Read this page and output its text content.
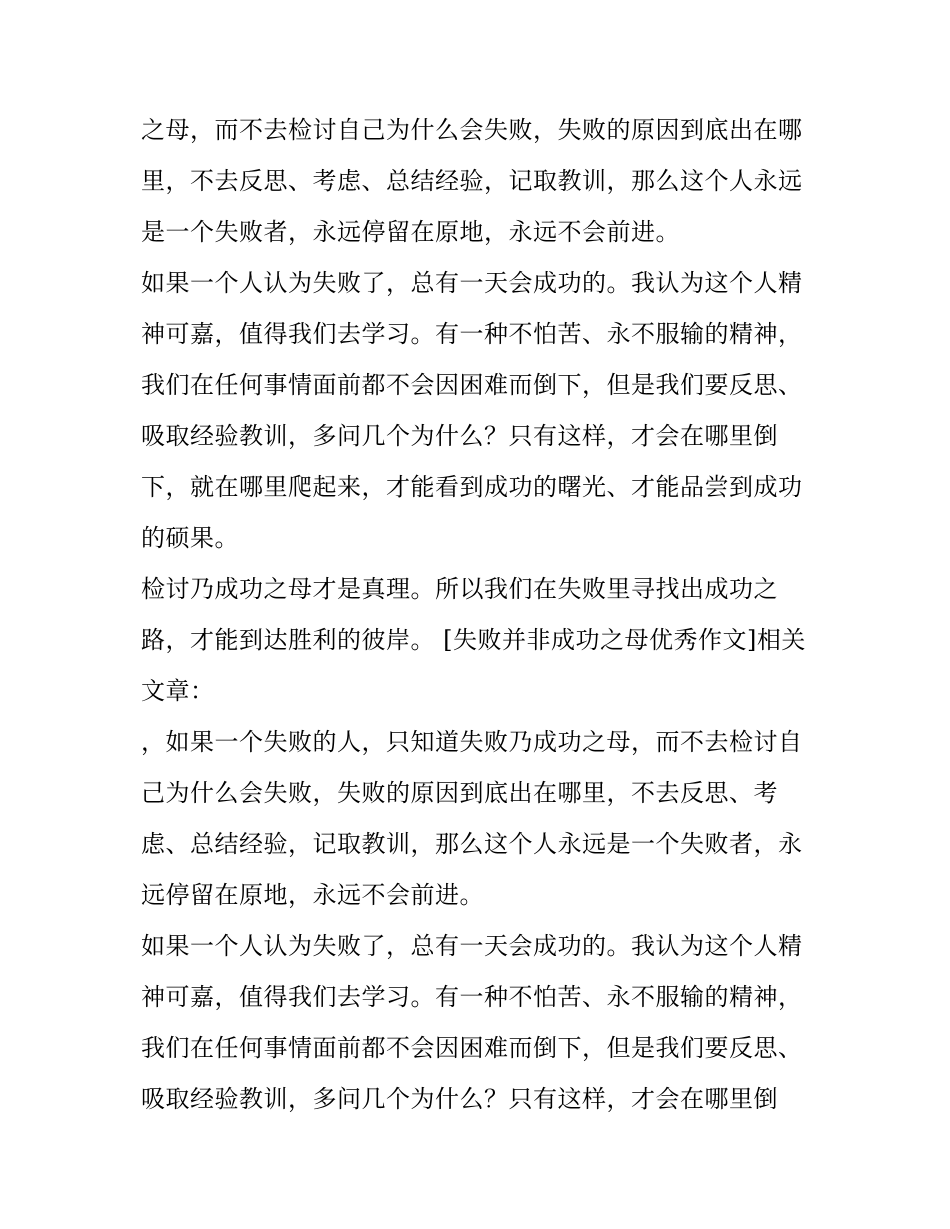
之母，而不去检讨自己为什么会失败，失败的原因到底出在哪
里，不去反思、考虑、总结经验，记取教训，那么这个人永远
是一个失败者，永远停留在原地，永远不会前进。
如果一个人认为失败了，总有一天会成功的。我认为这个人精
神可嘉，值得我们去学习。有一种不怕苦、永不服输的精神，
我们在任何事情面前都不会因困难而倒下，但是我们要反思、
吸取经验教训，多问几个为什么？只有这样，才会在哪里倒
下，就在哪里爬起来，才能看到成功的曙光、才能品尝到成功
的硕果。
检讨乃成功之母才是真理。所以我们在失败里寻找出成功之
路，才能到达胜利的彼岸。 [失败并非成功之母优秀作文]相关
文章：
，如果一个失败的人，只知道失败乃成功之母，而不去检讨自
己为什么会失败，失败的原因到底出在哪里，不去反思、考
虑、总结经验，记取教训，那么这个人永远是一个失败者，永
远停留在原地，永远不会前进。
如果一个人认为失败了，总有一天会成功的。我认为这个人精
神可嘉，值得我们去学习。有一种不怕苦、永不服输的精神，
我们在任何事情面前都不会因困难而倒下，但是我们要反思、
吸取经验教训，多问几个为什么？只有这样，才会在哪里倒
